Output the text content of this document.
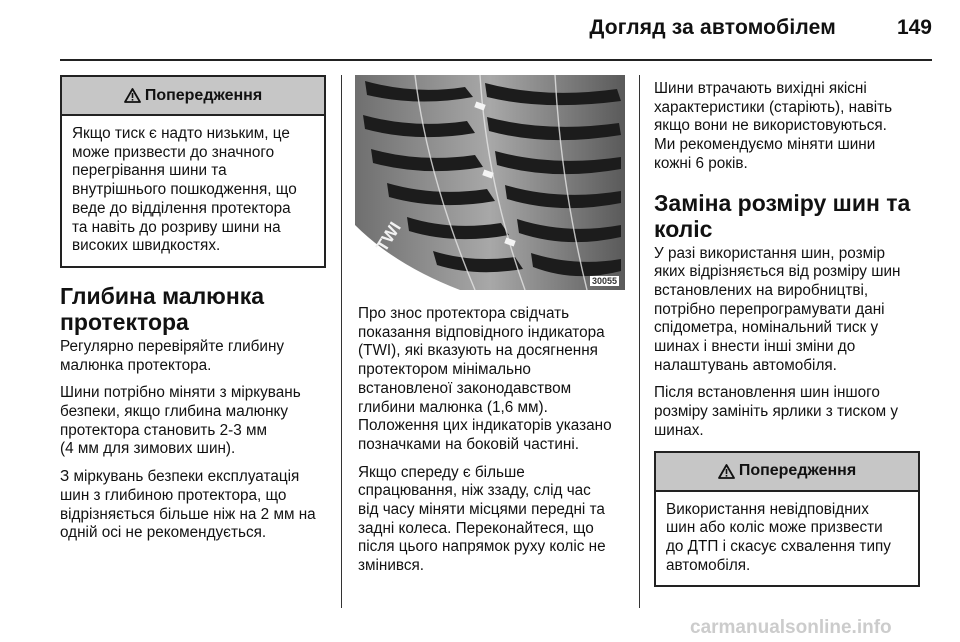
Догляд за автомобілем	149
Попередження
Якщо тиск є надто низьким, це
може призвести до значного
перегрівання шини та
внутрішнього пошкодження, що
веде до відділення протектора
та навіть до розриву шини на
високих швидкостях.
Глибина малюнка
протектора

Регулярно перевіряйте глибину
малюнка протектора.

Шини потрібно міняти з міркувань
безпеки, якщо глибина малюнку
протектора становить 2-3 мм
(4 мм для зимових шин).

З міркувань безпеки експлуатація
шин з глибиною протектора, що
відрізняється більше ніж на 2 мм на
одній осі не рекомендується.

TWI
30055

Про знос протектора свідчать
показання відповідного індикатора
(TWI), які вказують на досягнення
протектором мінімально
встановленої законодавством
глибини малюнка (1,6 мм).
Положення цих індикаторів указано
позначками на боковій частині.

Якщо спереду є більше
спрацювання, ніж ззаду, слід час
від часу міняти місцями передні та
задні колеса. Переконайтеся, що
після цього напрямок руху коліс не
змінився.

Шини втрачають вихідні якісні
характеристики (старіють), навіть
якщо вони не використовуються.
Ми рекомендуємо міняти шини
кожні 6 років.

Заміна розміру шин та
коліс

У разі використання шин, розмір
яких відрізняється від розміру шин
встановлених на виробництві,
потрібно перепрограмувати дані
спідометра, номінальний тиск у
шинах і внести інші зміни до
налаштувань автомобіля.

Після встановлення шин іншого
розміру замініть ярлики з тиском у
шинах.

Попередження
Використання невідповідних
шин або коліс може призвести
до ДТП і скасує схвалення типу
автомобіля.
carmanualsonline.info
